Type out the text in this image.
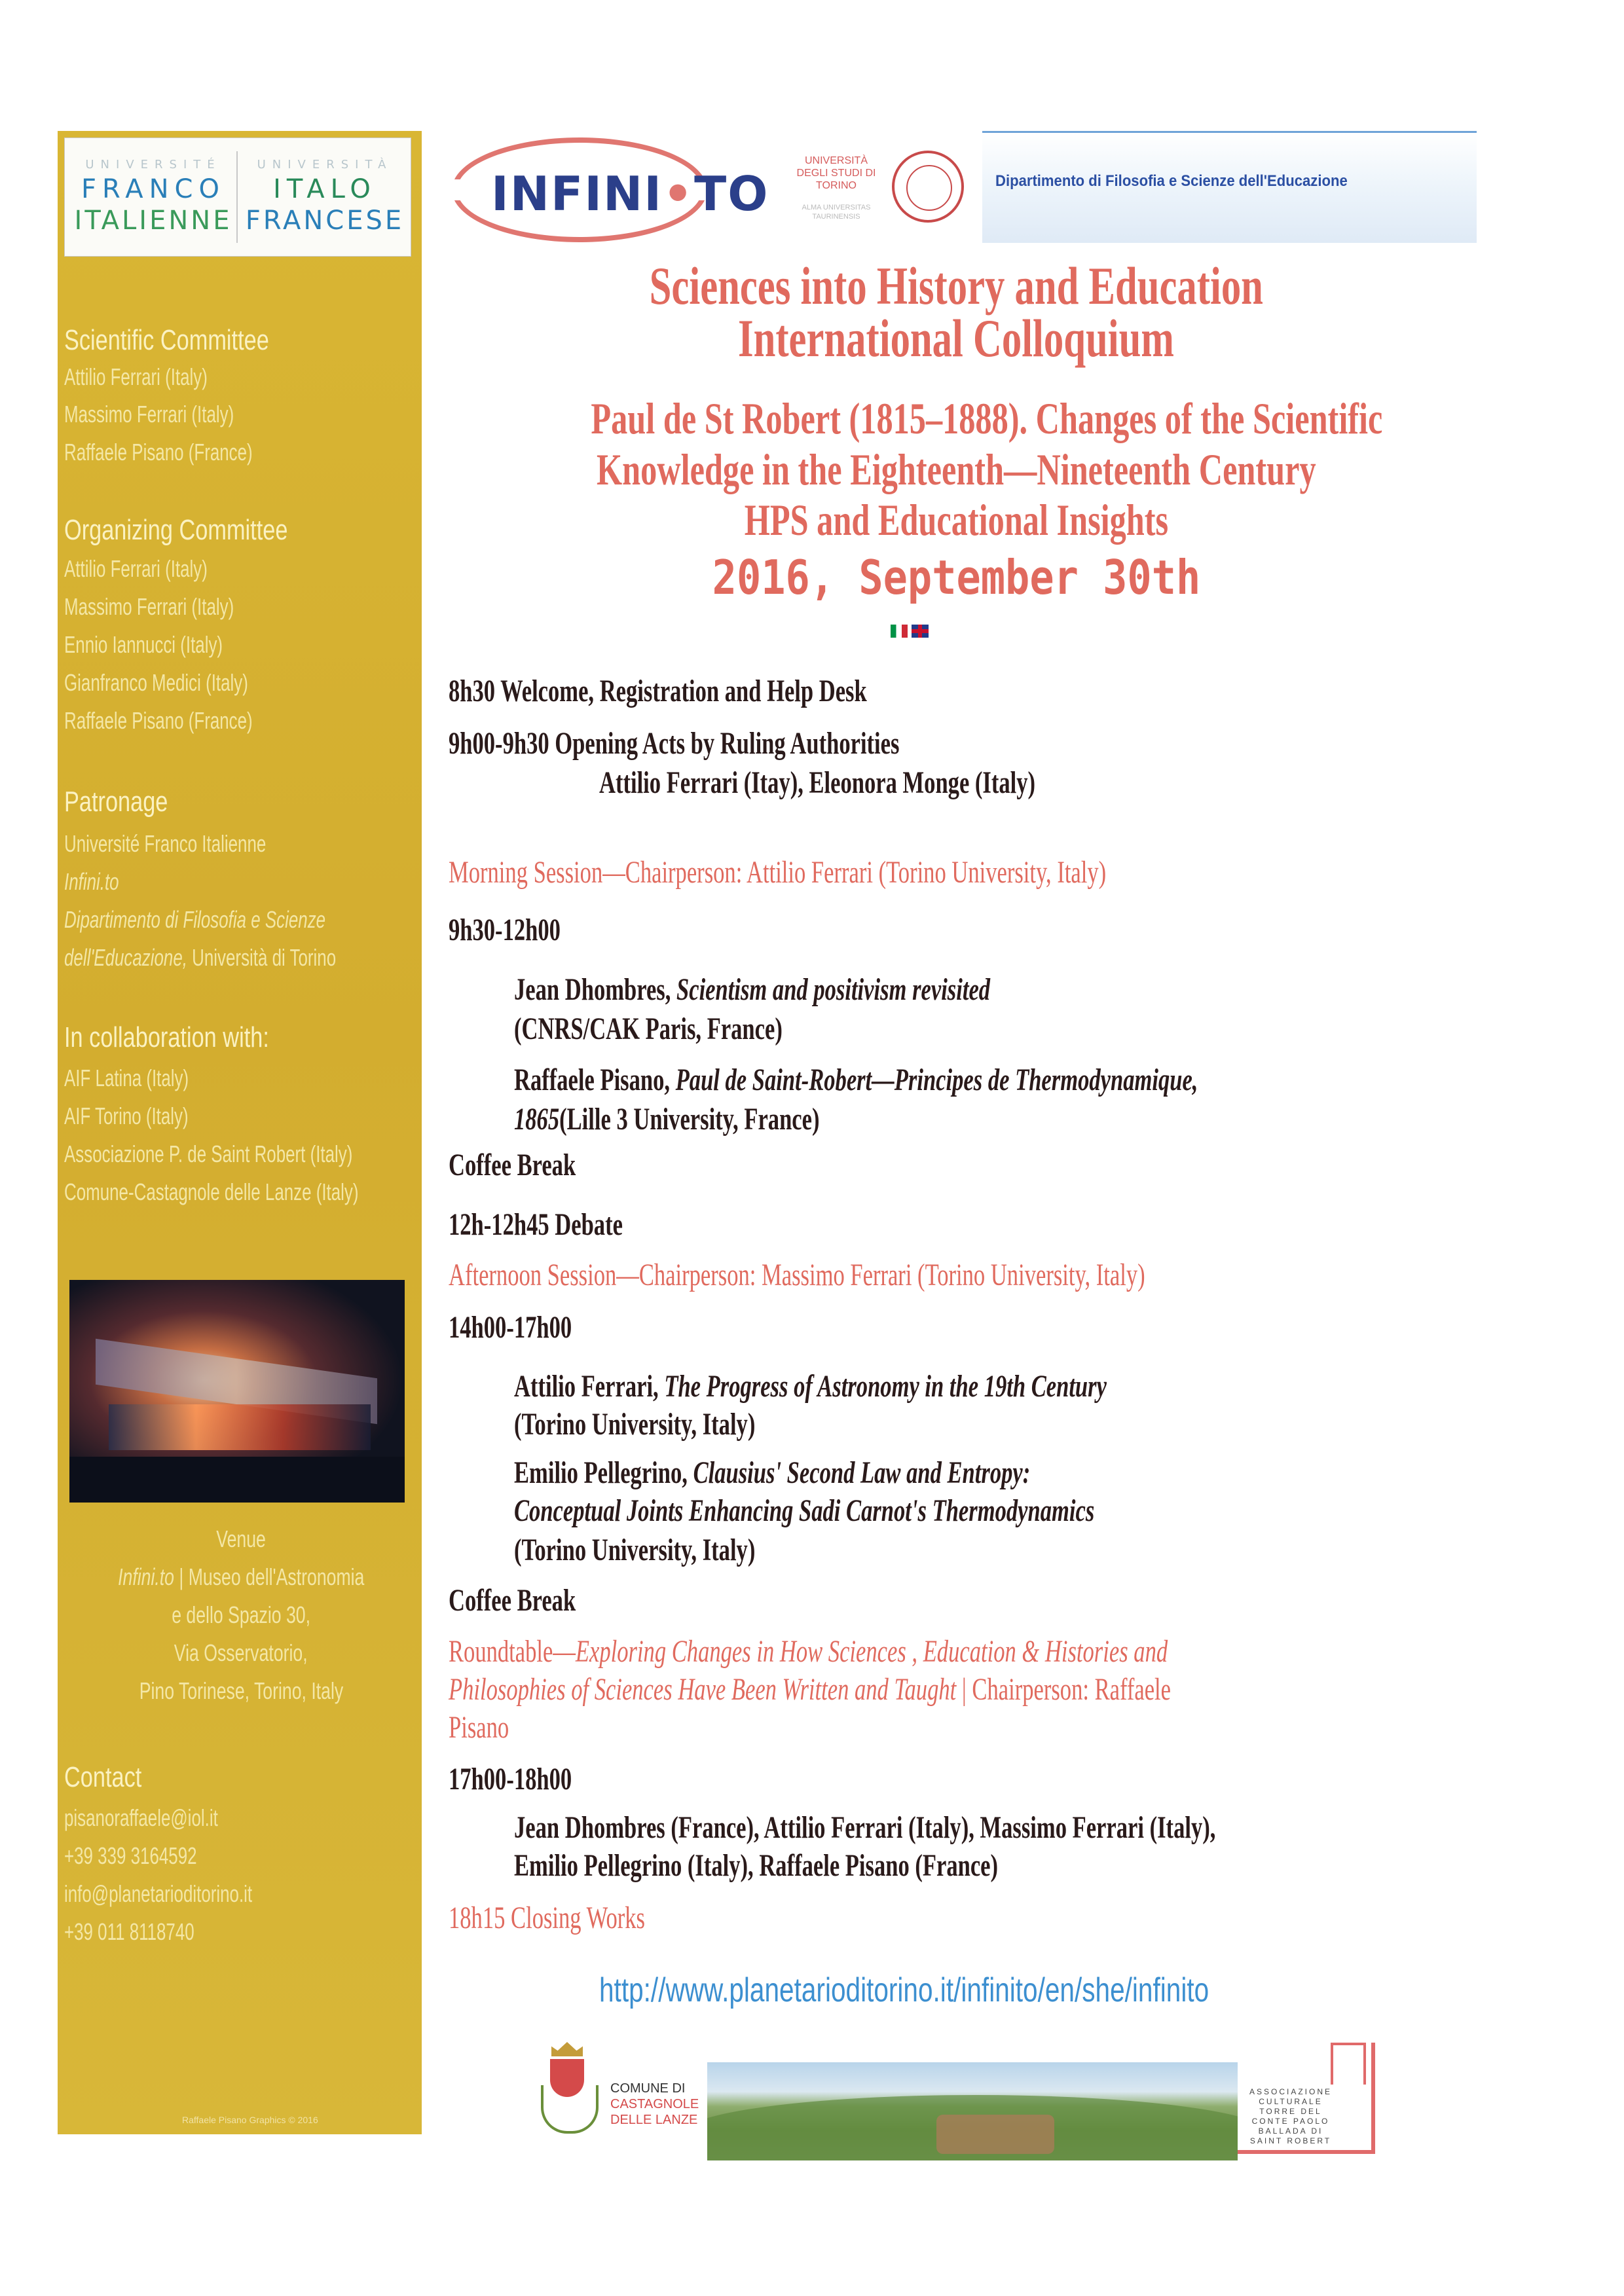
UNIVERSITÉ
FRANCO
ITALIENNE
UNIVERSITÀ
ITALO
FRANCESE
Scientific Committee
Attilio Ferrari (Italy)
Massimo Ferrari (Italy)
Raffaele Pisano (France)
Organizing Committee
Attilio Ferrari (Italy)
Massimo Ferrari (Italy)
Ennio Iannucci (Italy)
Gianfranco Medici (Italy)
Raffaele Pisano (France)
Patronage
Université Franco Italienne
Infini.to
Dipartimento di Filosofia e Scienze
dell'Educazione, Università di Torino
In collaboration with:
AIF Latina (Italy)
AIF Torino (Italy)
Associazione P. de Saint Robert (Italy)
Comune-Castagnole delle Lanze (Italy)
Venue
Infini.to | Museo dell'Astronomia
e dello Spazio 30,
Via Osservatorio,
Pino Torinese, Torino, Italy
Contact
pisanoraffaele@iol.it
+39 339 3164592
info@planetarioditorino.it
+39 011 8118740
Raffaele Pisano Graphics © 2016
INFINI•TO
UNIVERSITÀ DEGLI STUDI DI TORINO
ALMA UNIVERSITAS TAURINENSIS
Dipartimento di Filosofia e Scienze dell'Educazione
Sciences into History and Education
International Colloquium
Paul de St Robert (1815–1888). Changes of the Scientific
Knowledge in the Eighteenth—Nineteenth Century
HPS and Educational Insights
2016, September 30th
8h30 Welcome, Registration and Help Desk
9h00-9h30 Opening Acts by Ruling Authorities
Attilio Ferrari (Itay), Eleonora Monge (Italy)
Morning Session—Chairperson: Attilio Ferrari (Torino University, Italy)
9h30-12h00
Jean Dhombres, Scientism and positivism revisited
(CNRS/CAK Paris, France)
Raffaele Pisano, Paul de Saint-Robert—Principes de Thermodynamique,
1865(Lille 3 University, France)
Coffee Break
12h-12h45 Debate
Afternoon Session—Chairperson: Massimo Ferrari (Torino University, Italy)
14h00-17h00
Attilio Ferrari, The Progress of Astronomy in the 19th Century
(Torino University, Italy)
Emilio Pellegrino, Clausius' Second Law and Entropy:
Conceptual Joints Enhancing Sadi Carnot's Thermodynamics
(Torino University, Italy)
Coffee Break
Roundtable—Exploring Changes in How Sciences , Education & Histories and
Philosophies of Sciences Have Been Written and Taught | Chairperson: Raffaele
Pisano
17h00-18h00
Jean Dhombres (France), Attilio Ferrari (Italy), Massimo Ferrari (Italy),
Emilio Pellegrino (Italy), Raffaele Pisano (France)
18h15 Closing Works
http://www.planetarioditorino.it/infinito/en/she/infinito
COMUNE DI
CASTAGNOLE
DELLE LANZE
ASSOCIAZIONE CULTURALE TORRE DEL CONTE PAOLO BALLADA DI SAINT ROBERT
